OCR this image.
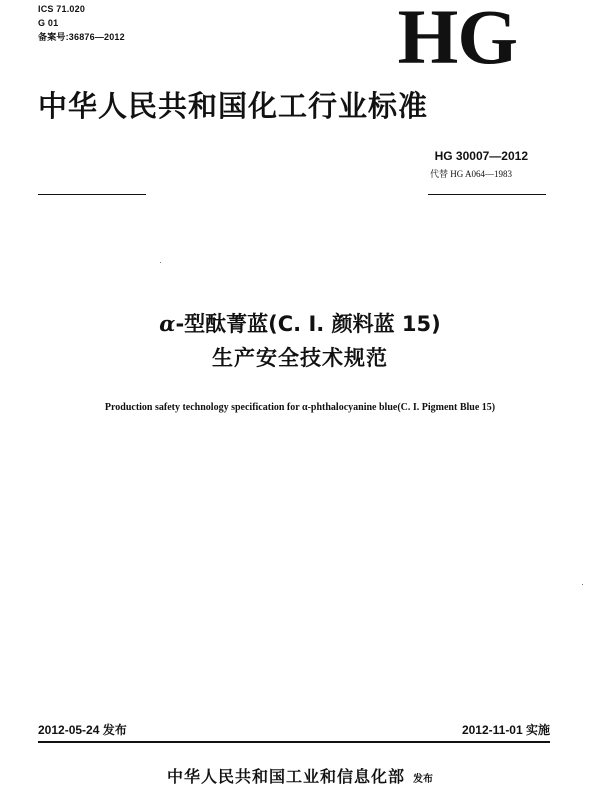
ICS 71.020
G 01
备案号:36876—2012	HG
中华人民共和国化工行业标准
HG 30007—2012
代替 HG A064—1983
α-型酞菁蓝(C. I. 颜料蓝 15)
生产安全技术规范
Production safety technology specification for α-phthalocyanine blue(C. I. Pigment Blue 15)
2012-05-24 发布	2012-11-01 实施
中华人民共和国工业和信息化部 发布
